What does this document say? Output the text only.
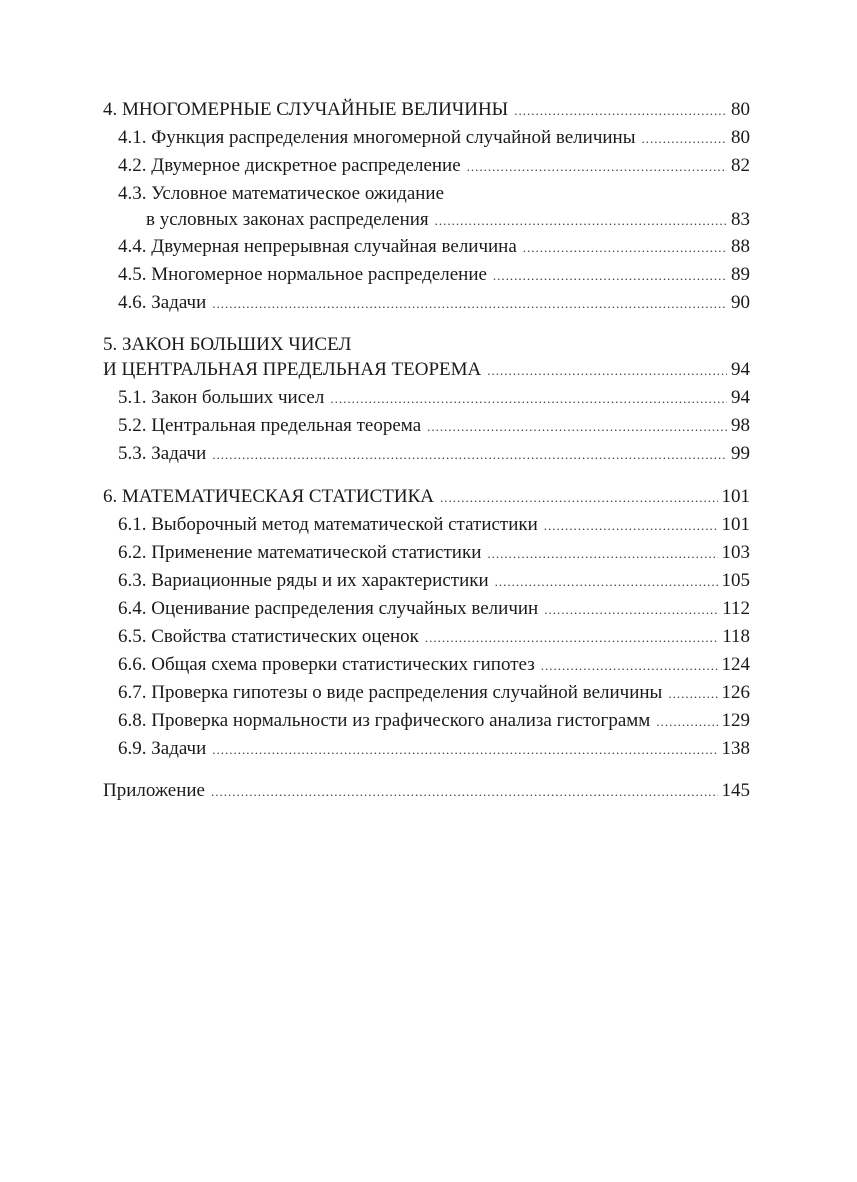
4. МНОГОМЕРНЫЕ СЛУЧАЙНЫЕ ВЕЛИЧИНЫ .....	80
4.1. Функция распределения многомерной случайной величины .....	80
4.2. Двумерное дискретное распределение .....	82
4.3. Условное математическое ожидание
в условных законах распределения .....	83
4.4. Двумерная непрерывная случайная величина .....	88
4.5. Многомерное нормальное распределение .....	89
4.6. Задачи .....	90
5. ЗАКОН БОЛЬШИХ ЧИСЕЛ
И ЦЕНТРАЛЬНАЯ ПРЕДЕЛЬНАЯ ТЕОРЕМА .....	94
5.1. Закон больших чисел .....	94
5.2. Центральная предельная теорема .....	98
5.3. Задачи .....	99
6. МАТЕМАТИЧЕСКАЯ СТАТИСТИКА .....	101
6.1. Выборочный метод математической статистики .....	101
6.2. Применение математической статистики .....	103
6.3. Вариационные ряды и их характеристики .....	105
6.4. Оценивание распределения случайных величин .....	112
6.5. Свойства статистических оценок .....	118
6.6. Общая схема проверки статистических гипотез .....	124
6.7. Проверка гипотезы о виде распределения случайной величины .....	126
6.8. Проверка нормальности из графического анализа гистограмм .....	129
6.9. Задачи .....	138
Приложение .....	145
